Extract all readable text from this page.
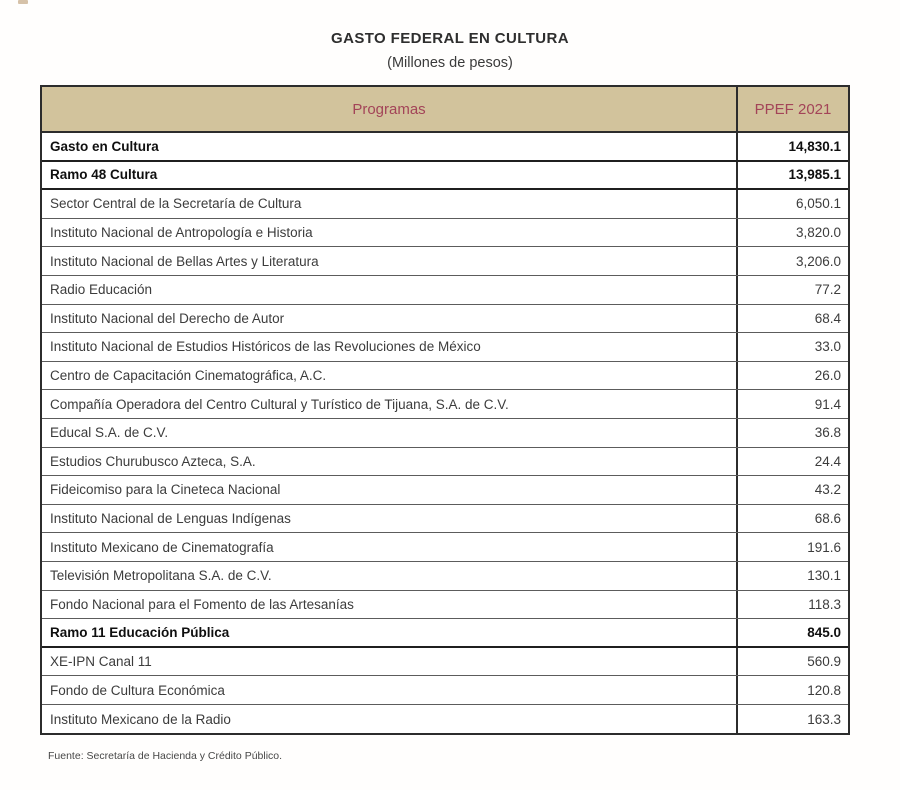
GASTO FEDERAL EN CULTURA
(Millones de pesos)
Programas	PPEF 2021
Gasto en Cultura	14,830.1
Ramo 48 Cultura	13,985.1
Sector Central de la Secretaría de Cultura	6,050.1
Instituto Nacional de Antropología e Historia	3,820.0
Instituto Nacional de Bellas Artes y Literatura	3,206.0
Radio Educación	77.2
Instituto Nacional del Derecho de Autor	68.4
Instituto Nacional de Estudios Históricos de las Revoluciones de México	33.0
Centro de Capacitación Cinematográfica, A.C.	26.0
Compañía Operadora del Centro Cultural y Turístico de Tijuana, S.A. de C.V.	91.4
Educal S.A. de C.V.	36.8
Estudios Churubusco Azteca, S.A.	24.4
Fideicomiso para la Cineteca Nacional	43.2
Instituto Nacional de Lenguas Indígenas	68.6
Instituto Mexicano de Cinematografía	191.6
Televisión Metropolitana S.A. de C.V.	130.1
Fondo Nacional para el Fomento de las Artesanías	118.3
Ramo 11 Educación Pública	845.0
XE-IPN Canal 11	560.9
Fondo de Cultura Económica	120.8
Instituto Mexicano de la Radio	163.3
Fuente: Secretaría de Hacienda y Crédito Público.
